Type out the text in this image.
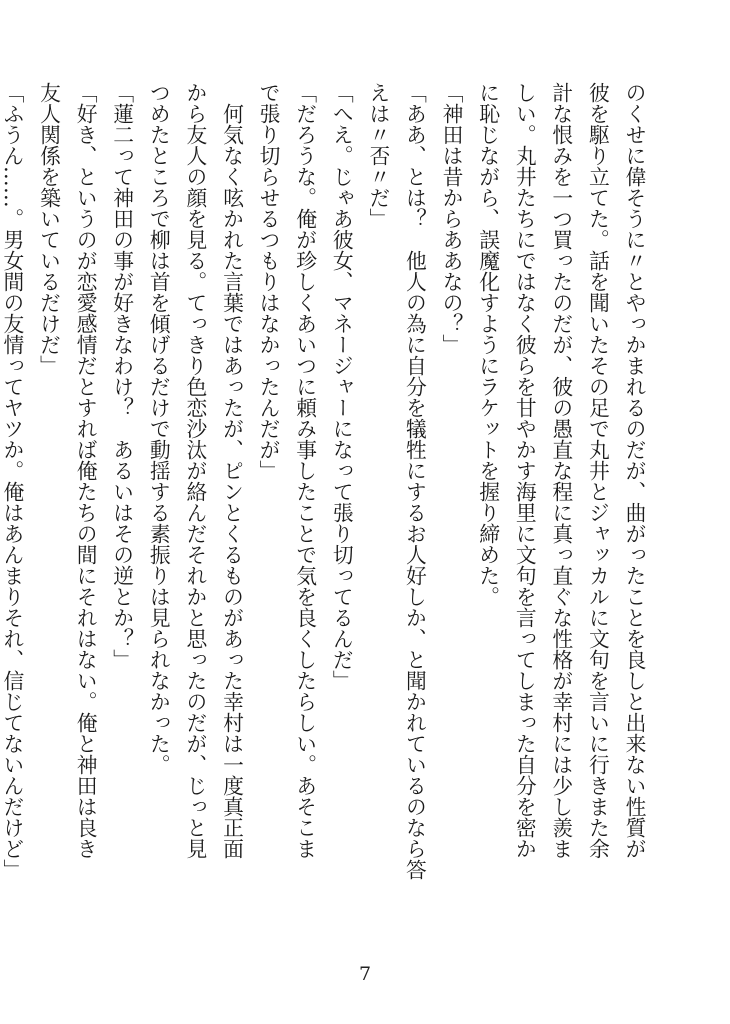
のくせに偉そうに〃とやっかまれるのだが、曲がったことを良しと出来ない性質が
彼を駆り立てた。話を聞いたその足で丸井とジャッカルに文句を言いに行きまた余
計な恨みを一つ買ったのだが、彼の愚直な程に真っ直ぐな性格が幸村には少し羨ま
しい。丸井たちにではなく彼らを甘やかす海里に文句を言ってしまった自分を密か
に恥じながら、誤魔化すようにラケットを握り締めた。
「神田は昔からああなの？」
「ああ、とは？　他人の為に自分を犠牲にするお人好しか、と聞かれているのなら答
えは〃否〃だ」
「へえ。じゃあ彼女、マネージャーになって張り切ってるんだ」
「だろうな。俺が珍しくあいつに頼み事したことで気を良くしたらしい。あそこま
で張り切らせるつもりはなかったんだが」
　何気なく呟かれた言葉ではあったが、ピンとくるものがあった幸村は一度真正面
から友人の顔を見る。てっきり色恋沙汰が絡んだそれかと思ったのだが、じっと見
つめたところで柳は首を傾げるだけで動揺する素振りは見られなかった。
「蓮二って神田の事が好きなわけ？　あるいはその逆とか？」
「好き、というのが恋愛感情だとすれば俺たちの間にそれはない。俺と神田は良き
友人関係を築いているだけだ」
「ふうん……。男女間の友情ってヤツか。俺はあんまりそれ、信じてないんだけど」
7
